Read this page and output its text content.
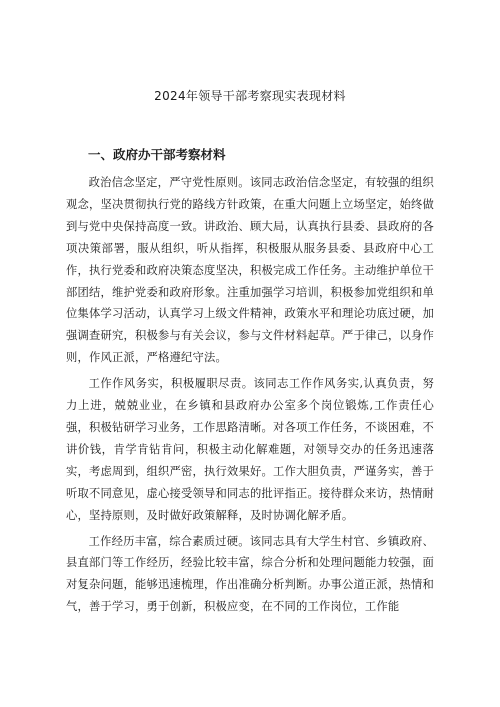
2024年领导干部考察现实表现材料
一、政府办干部考察材料

政治信念坚定，严守党性原则。该同志政治信念坚定，有较强的组织观念，坚决贯彻执行党的路线方针政策，在重大问题上立场坚定，始终做到与党中央保持高度一致。讲政治、顾大局，认真执行县委、县政府的各项决策部署，服从组织，听从指挥，积极服从服务县委、县政府中心工作，执行党委和政府决策态度坚决，积极完成工作任务。主动维护单位干部团结，维护党委和政府形象。注重加强学习培训，积极参加党组织和单位集体学习活动，认真学习上级文件精神，政策水平和理论功底过硬，加强调查研究，积极参与有关会议，参与文件材料起草。严于律己，以身作则，作风正派，严格遵纪守法。

工作作风务实，积极履职尽责。该同志工作作风务实,认真负责，努力上进，兢兢业业，在乡镇和县政府办公室多个岗位锻炼,工作责任心强，积极钻研学习业务，工作思路清晰。对各项工作任务，不谈困难，不讲价钱，肯学肯钻肯问，积极主动化解难题，对领导交办的任务迅速落实，考虑周到，组织严密，执行效果好。工作大胆负责，严谨务实，善于听取不同意见，虚心接受领导和同志的批评指正。接待群众来访，热情耐心，坚持原则，及时做好政策解释，及时协调化解矛盾。

工作经历丰富，综合素质过硬。该同志具有大学生村官、乡镇政府、县直部门等工作经历，经验比较丰富，综合分析和处理问题能力较强，面对复杂问题，能够迅速梳理，作出准确分析判断。办事公道正派，热情和气，善于学习，勇于创新，积极应变，在不同的工作岗位，工作能
